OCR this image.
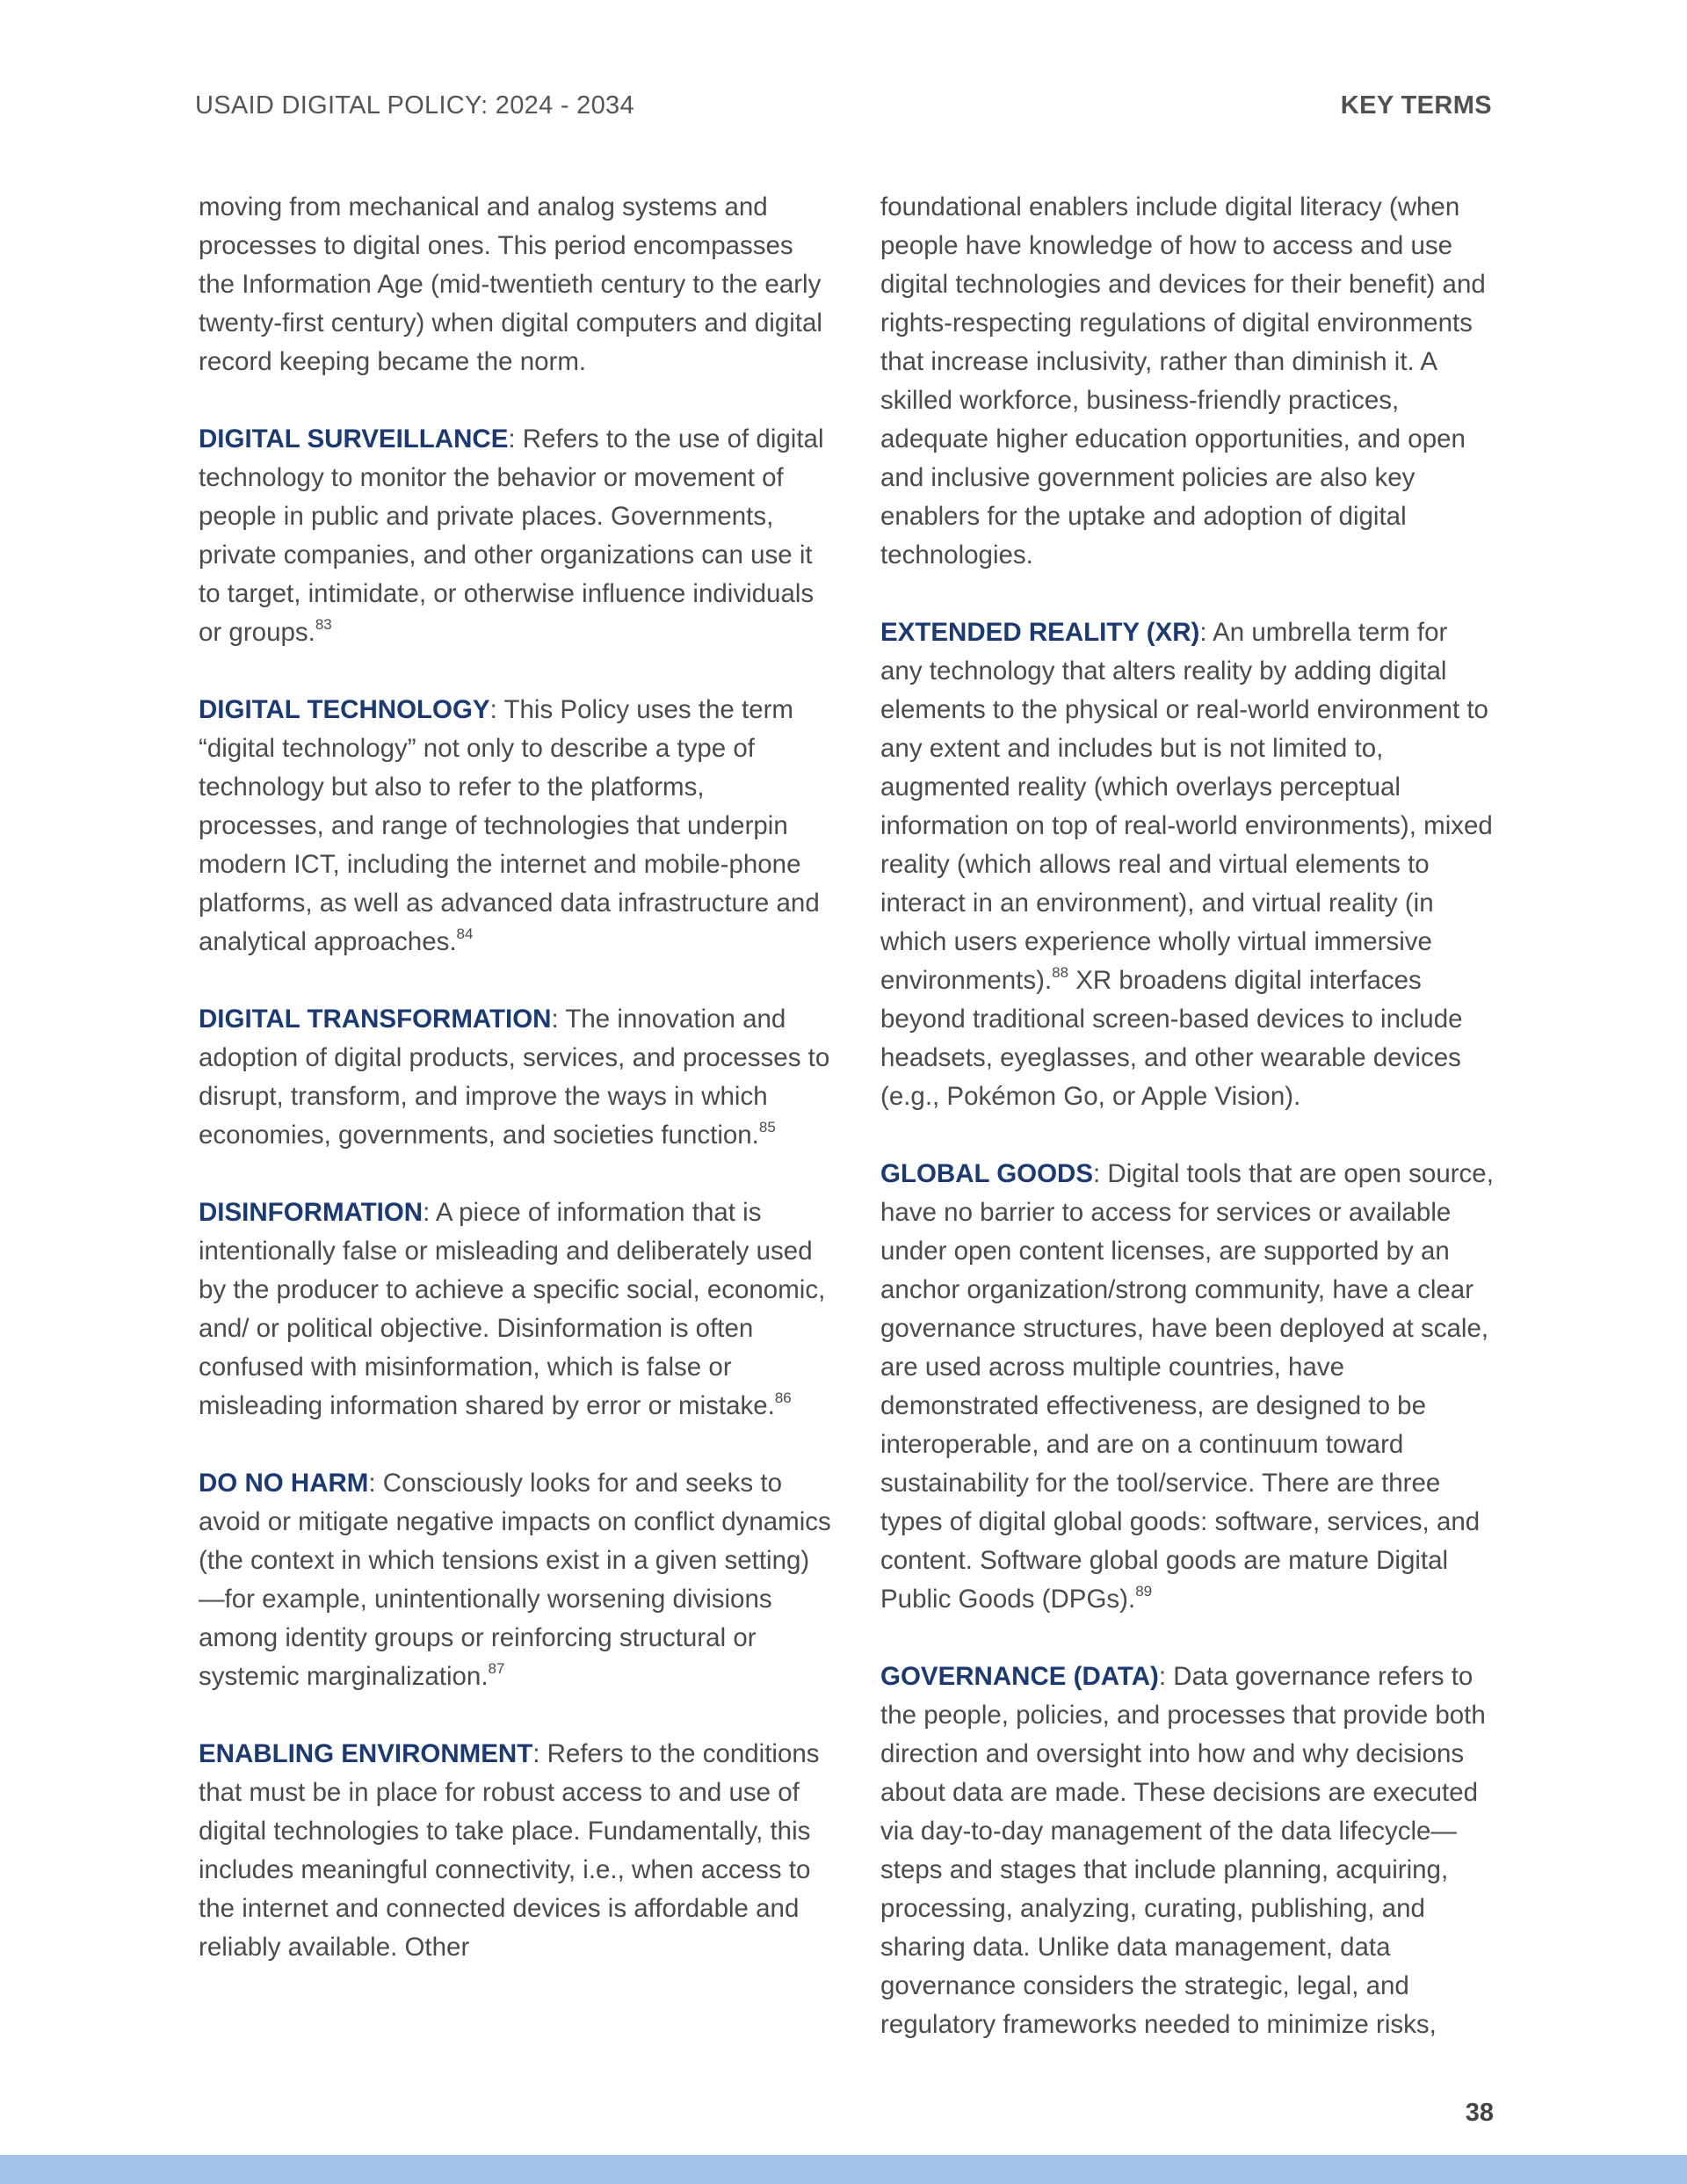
USAID DIGITAL POLICY: 2024 - 2034	KEY TERMS

moving from mechanical and analog systems and processes to digital ones. This period encompasses the Information Age (mid-twentieth century to the early twenty-first century) when digital computers and digital record keeping became the norm.

DIGITAL SURVEILLANCE: Refers to the use of digital technology to monitor the behavior or movement of people in public and private places. Governments, private companies, and other organizations can use it to target, intimidate, or otherwise influence individuals or groups.$^{83}$

DIGITAL TECHNOLOGY: This Policy uses the term “digital technology” not only to describe a type of technology but also to refer to the platforms, processes, and range of technologies that underpin modern ICT, including the internet and mobile-phone platforms, as well as advanced data infrastructure and analytical approaches.$^{84}$

DIGITAL TRANSFORMATION: The innovation and adoption of digital products, services, and processes to disrupt, transform, and improve the ways in which economies, governments, and societies function.$^{85}$

DISINFORMATION: A piece of information that is intentionally false or misleading and deliberately used by the producer to achieve a specific social, economic, and/ or political objective. Disinformation is often confused with misinformation, which is false or misleading information shared by error or mistake.$^{86}$

DO NO HARM: Consciously looks for and seeks to avoid or mitigate negative impacts on conflict dynamics (the context in which tensions exist in a given setting)—for example, unintentionally worsening divisions among identity groups or reinforcing structural or systemic marginalization.$^{87}$

ENABLING ENVIRONMENT: Refers to the conditions that must be in place for robust access to and use of digital technologies to take place. Fundamentally, this includes meaningful connectivity, i.e., when access to the internet and connected devices is affordable and reliably available. Other

foundational enablers include digital literacy (when people have knowledge of how to access and use digital technologies and devices for their benefit) and rights-respecting regulations of digital environments that increase inclusivity, rather than diminish it. A skilled workforce, business-friendly practices, adequate higher education opportunities, and open and inclusive government policies are also key enablers for the uptake and adoption of digital technologies.

EXTENDED REALITY (XR): An umbrella term for any technology that alters reality by adding digital elements to the physical or real-world environment to any extent and includes but is not limited to, augmented reality (which overlays perceptual information on top of real-world environments), mixed reality (which allows real and virtual elements to interact in an environment), and virtual reality (in which users experience wholly virtual immersive environments).$^{88}$ XR broadens digital interfaces beyond traditional screen-based devices to include headsets, eyeglasses, and other wearable devices (e.g., Pokémon Go, or Apple Vision).

GLOBAL GOODS: Digital tools that are open source, have no barrier to access for services or available under open content licenses, are supported by an anchor organization/strong community, have a clear governance structures, have been deployed at scale, are used across multiple countries, have demonstrated effectiveness, are designed to be interoperable, and are on a continuum toward sustainability for the tool/service. There are three types of digital global goods: software, services, and content. Software global goods are mature Digital Public Goods (DPGs).$^{89}$

GOVERNANCE (DATA): Data governance refers to the people, policies, and processes that provide both direction and oversight into how and why decisions about data are made. These decisions are executed via day-to-day management of the data lifecycle—steps and stages that include planning, acquiring, processing, analyzing, curating, publishing, and sharing data. Unlike data management, data governance considers the strategic, legal, and regulatory frameworks needed to minimize risks,

38
